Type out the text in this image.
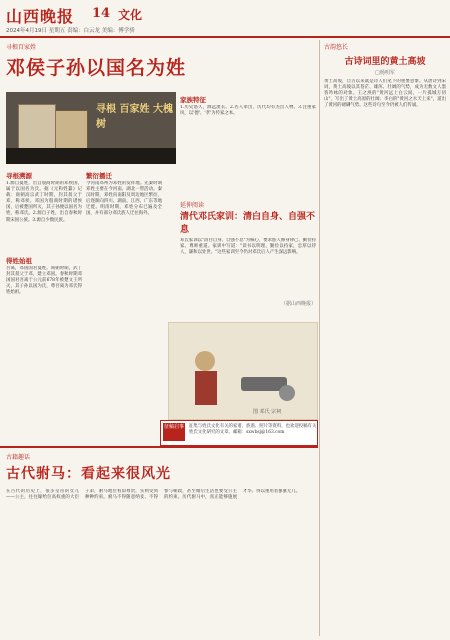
山西晚报 14 文化
2024年4月19日 星期五 责编：白云龙 美编：傅学骄
寻根百家姓
邓侯子孙以国名为姓
寻根 百家姓 大槐树
寻根溯源
1.源自曼姓，出自殷商时期的邓侯国，属于以国名为氏。据《元和姓纂》记载：商朝高宗武丁时期，封其叔父于邓，称邓侯。邓国为殷商时期的诸侯国，后被楚国所灭，其子孙便以国名为姓，称邓氏。2.源自子姓，出自春秋时期宋国公族。3.源自少数民族。
得姓始祖
吾离，邓国国君曼姓。商朝时期，武丁封其叔父于邓，建立邓国。春秋时期邓国国君吾离于公元前678年被楚文王所灭，其子孙以国为氏，尊吾离为邓氏得姓始祖。
繁衍播迁
今河南邓州为邓姓的发祥地。先秦时期邓姓主要在今河南、湖北一带活动。秦汉时期，邓姓向南阳及周边地区繁衍，后逐渐向四川、湖南、江西、广东等地迁徙。明清时期，邓姓分布已遍及全国，并有部分邓氏族人迁往海外。
家族特征
1.历史悠久，源远流长。2.名人辈出，历代均有杰出人物。3.注重家风，以'德'、'孝'为传家之本。
延伸阅读
清代邓氏家训：清白自身、自强不息
邓氏家训以"清白自身、自强不息"为核心，要求族人修身律己、勤俭持家、尊师重道。家训中写道："读书以明理，勤俭以持家，忠厚以待人，谦和以处世。"这些家训至今仍对邓氏后人产生深远影响。
（据山西晚报）
图 邓氏 宗祠
征稿启事 征集与姓氏文化有关的家谱、族谱、照片等资料，也欢迎投稿有关姓氏文化研究的文章。邮箱：sxwbsj@163.com
古籍趣话
古代驸马：看起来很风光
在古代的历史上，很多皇帝的女儿——公主，往往嫁给位高权重的大臣子弟，驸马地位看似尊贵，实则受到种种约束。驸马不得随意纳妾、不得参与朝政，甚至婚后生活也要受公主的约束。历代驸马中，真正能够施展才华、得以重用者寥寥无几。
古韵悠长
古诗词里的黄土高坡
□杨明军
黄土高坡，自古以来就是诗人们笔下的重要意象。从唐诗到宋词，黄土高坡以其苍茫、雄浑、壮阔的气势，成为无数文人墨客吟咏的对象。王之涣的"黄河远上白云间，一片孤城万仞山"，写出了黄土高原的壮阔；李白的"黄河之水天上来"，道出了黄河的磅礴气势。这些诗句至今仍被人们传诵。
